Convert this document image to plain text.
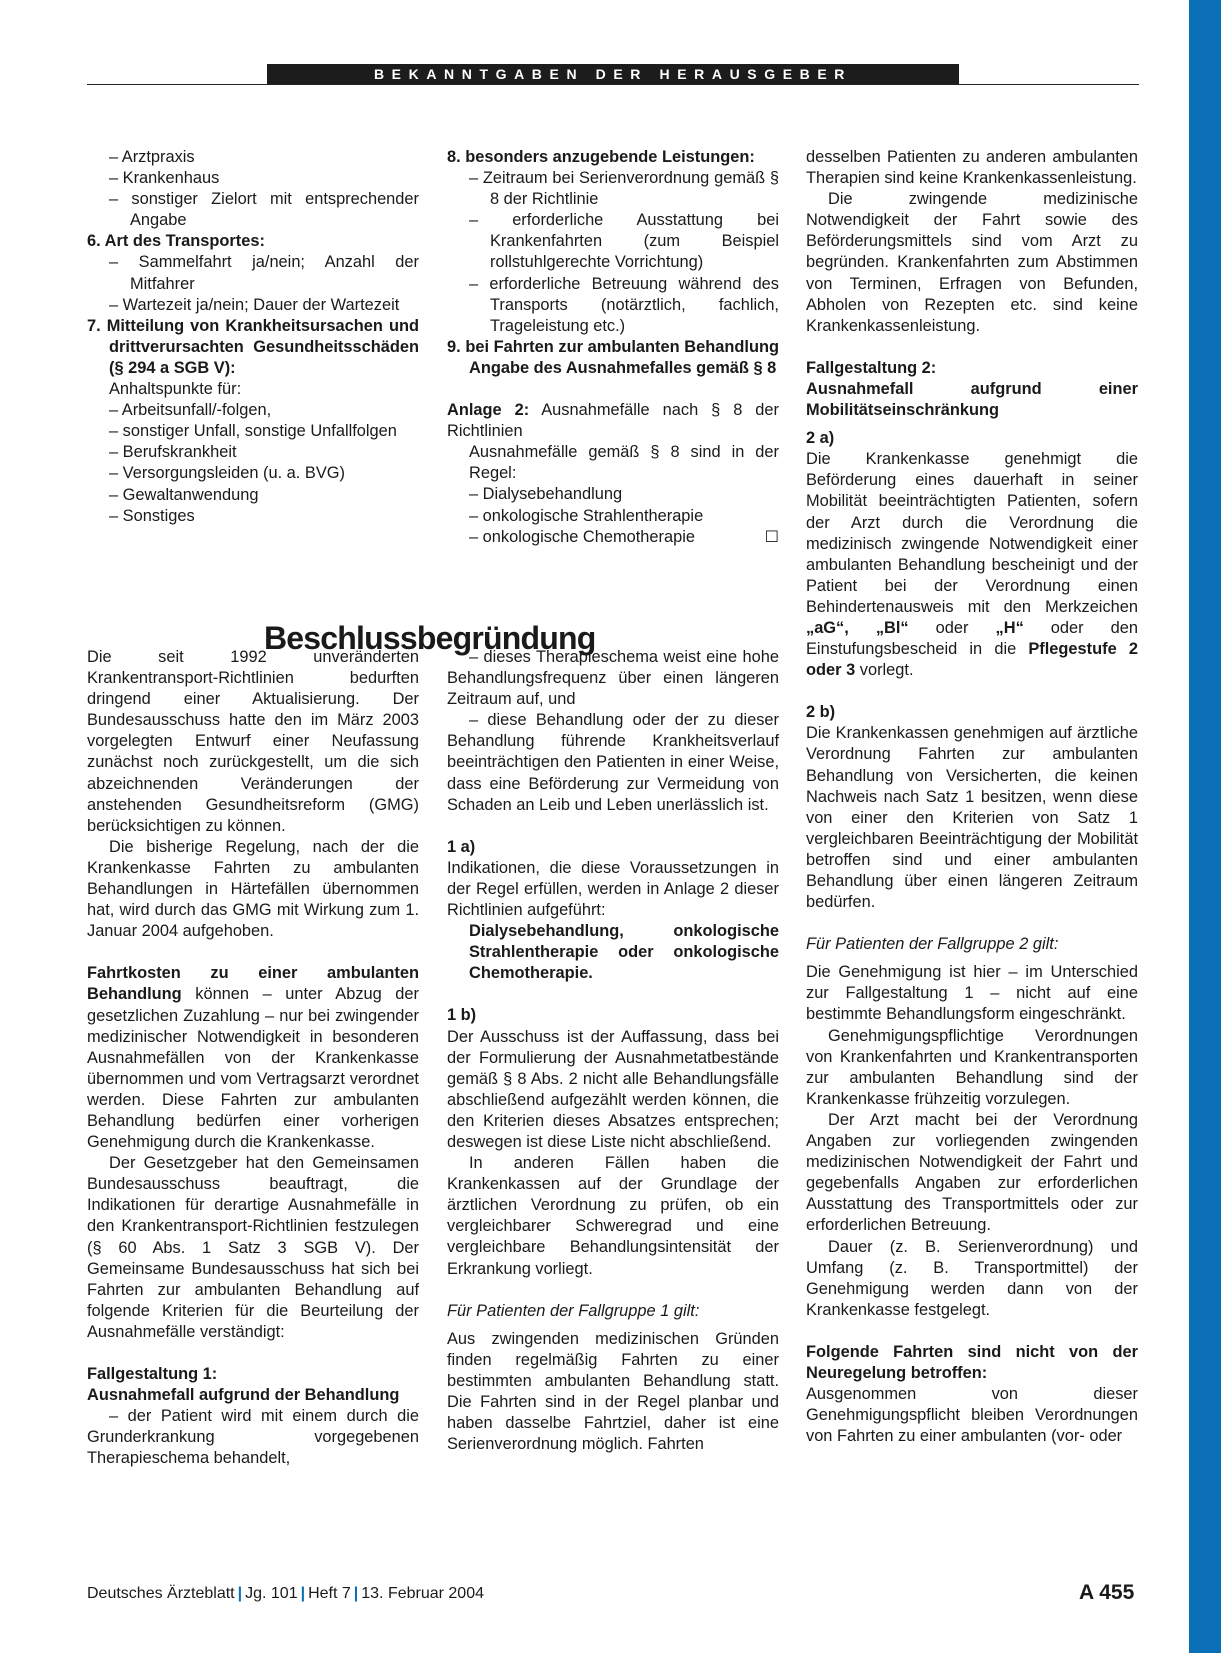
BEKANNTGABEN DER HERAUSGEBER

– Arztpraxis

– Krankenhaus

– sonstiger Zielort mit entsprechender Angabe

6. Art des Transportes:

– Sammelfahrt ja/nein; Anzahl der Mitfahrer

– Wartezeit ja/nein; Dauer der Wartezeit

7. Mitteilung von Krankheitsursachen und drittverursachten Gesundheitsschäden (§ 294 a SGB V):

Anhaltspunkte für:

– Arbeitsunfall/-folgen,

– sonstiger Unfall, sonstige Unfallfolgen

– Berufskrankheit

– Versorgungsleiden (u. a. BVG)

– Gewaltanwendung

– Sonstiges

8. besonders anzugebende Leistungen:

– Zeitraum bei Serienverordnung gemäß § 8 der Richtlinie

– erforderliche Ausstattung bei Krankenfahrten (zum Beispiel rollstuhlgerechte Vorrichtung)

– erforderliche Betreuung während des Transports (notärztlich, fachlich, Trageleistung etc.)

9. bei Fahrten zur ambulanten Behandlung Angabe des Ausnahmefalles gemäß § 8

Anlage 2: Ausnahmefälle nach § 8 der Richtlinien

Ausnahmefälle gemäß § 8 sind in der Regel:

– Dialysebehandlung

– onkologische Strahlentherapie

– onkologische Chemotherapie	☐

Beschlussbegründung

Die seit 1992 unveränderten Krankentransport-Richtlinien bedurften dringend einer Aktualisierung. Der Bundesausschuss hatte den im März 2003 vorgelegten Entwurf einer Neufassung zunächst noch zurückgestellt, um die sich abzeichnenden Veränderungen der anstehenden Gesundheitsreform (GMG) berücksichtigen zu können.

Die bisherige Regelung, nach der die Krankenkasse Fahrten zu ambulanten Behandlungen in Härtefällen übernommen hat, wird durch das GMG mit Wirkung zum 1. Januar 2004 aufgehoben.

Fahrtkosten zu einer ambulanten Behandlung können – unter Abzug der gesetzlichen Zuzahlung – nur bei zwingender medizinischer Notwendigkeit in besonderen Ausnahmefällen von der Krankenkasse übernommen und vom Vertragsarzt verordnet werden. Diese Fahrten zur ambulanten Behandlung bedürfen einer vorherigen Genehmigung durch die Krankenkasse.

Der Gesetzgeber hat den Gemeinsamen Bundesausschuss beauftragt, die Indikationen für derartige Ausnahmefälle in den Krankentransport-Richtlinien festzulegen (§ 60 Abs. 1 Satz 3 SGB V). Der Gemeinsame Bundesausschuss hat sich bei Fahrten zur ambulanten Behandlung auf folgende Kriterien für die Beurteilung der Ausnahmefälle verständigt:

Fallgestaltung 1:

Ausnahmefall aufgrund der Behandlung

– der Patient wird mit einem durch die Grunderkrankung vorgegebenen Therapieschema behandelt,

– dieses Therapieschema weist eine hohe Behandlungsfrequenz über einen längeren Zeitraum auf, und

– diese Behandlung oder der zu dieser Behandlung führende Krankheitsverlauf beeinträchtigen den Patienten in einer Weise, dass eine Beförderung zur Vermeidung von Schaden an Leib und Leben unerlässlich ist.

1 a)

Indikationen, die diese Voraussetzungen in der Regel erfüllen, werden in Anlage 2 dieser Richtlinien aufgeführt:

Dialysebehandlung, onkologische Strahlentherapie oder onkologische Chemotherapie.

1 b)

Der Ausschuss ist der Auffassung, dass bei der Formulierung der Ausnahmetatbestände gemäß § 8 Abs. 2 nicht alle Behandlungsfälle abschließend aufgezählt werden können, die den Kriterien dieses Absatzes entsprechen; deswegen ist diese Liste nicht abschließend.

In anderen Fällen haben die Krankenkassen auf der Grundlage der ärztlichen Verordnung zu prüfen, ob ein vergleichbarer Schweregrad und eine vergleichbare Behandlungsintensität der Erkrankung vorliegt.

Für Patienten der Fallgruppe 1 gilt:

Aus zwingenden medizinischen Gründen finden regelmäßig Fahrten zu einer bestimmten ambulanten Behandlung statt. Die Fahrten sind in der Regel planbar und haben dasselbe Fahrtziel, daher ist eine Serienverordnung möglich. Fahrten

desselben Patienten zu anderen ambulanten Therapien sind keine Krankenkassenleistung.

Die zwingende medizinische Notwendigkeit der Fahrt sowie des Beförderungsmittels sind vom Arzt zu begründen. Krankenfahrten zum Abstimmen von Terminen, Erfragen von Befunden, Abholen von Rezepten etc. sind keine Krankenkassenleistung.

Fallgestaltung 2:

Ausnahmefall aufgrund einer Mobilitätseinschränkung

2 a)

Die Krankenkasse genehmigt die Beförderung eines dauerhaft in seiner Mobilität beeinträchtigten Patienten, sofern der Arzt durch die Verordnung die medizinisch zwingende Notwendigkeit einer ambulanten Behandlung bescheinigt und der Patient bei der Verordnung einen Behindertenausweis mit den Merkzeichen „aG“, „Bl“ oder „H“ oder den Einstufungsbescheid in die Pflegestufe 2 oder 3 vorlegt.

2 b)

Die Krankenkassen genehmigen auf ärztliche Verordnung Fahrten zur ambulanten Behandlung von Versicherten, die keinen Nachweis nach Satz 1 besitzen, wenn diese von einer den Kriterien von Satz 1 vergleichbaren Beeinträchtigung der Mobilität betroffen sind und einer ambulanten Behandlung über einen längeren Zeitraum bedürfen.

Für Patienten der Fallgruppe 2 gilt:

Die Genehmigung ist hier – im Unterschied zur Fallgestaltung 1 – nicht auf eine bestimmte Behandlungsform eingeschränkt.

Genehmigungspflichtige Verordnungen von Krankenfahrten und Krankentransporten zur ambulanten Behandlung sind der Krankenkasse frühzeitig vorzulegen.

Der Arzt macht bei der Verordnung Angaben zur vorliegenden zwingenden medizinischen Notwendigkeit der Fahrt und gegebenfalls Angaben zur erforderlichen Ausstattung des Transportmittels oder zur erforderlichen Betreuung.

Dauer (z. B. Serienverordnung) und Umfang (z. B. Transportmittel) der Genehmigung werden dann von der Krankenkasse festgelegt.

Folgende Fahrten sind nicht von der Neuregelung betroffen:

Ausgenommen von dieser Genehmigungspflicht bleiben Verordnungen von Fahrten zu einer ambulanten (vor- oder

Deutsches Ärzteblatt | Jg. 101 | Heft 7 | 13. Februar 2004	A 455
